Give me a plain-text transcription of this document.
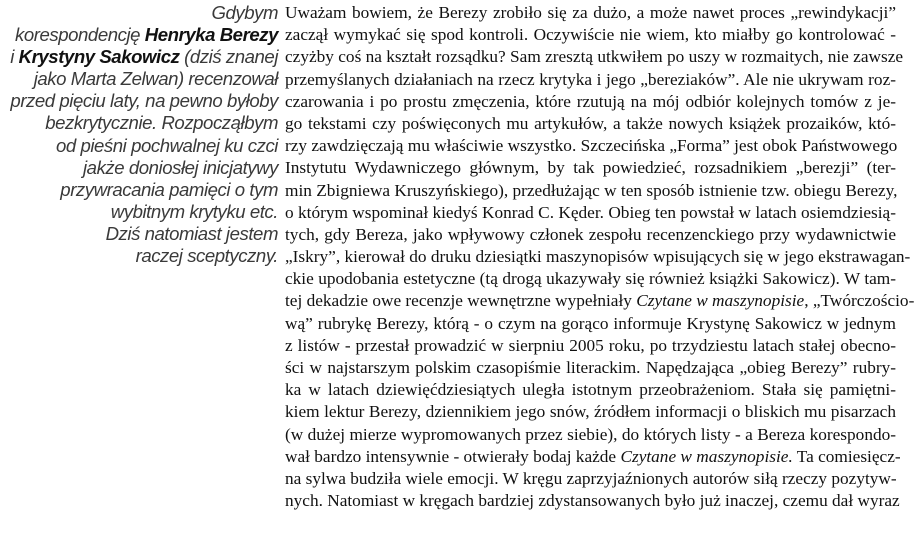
Gdybym
korespondencję Henryka Berezy
i Krystyny Sakowicz (dziś znanej
jako Marta Zelwan) recenzował
przed pięciu laty, na pewno byłoby
bezkrytycznie. Rozpocząłbym
od pieśni pochwalnej ku czci
jakże doniosłej inicjatywy
przywracania pamięci o tym
wybitnym krytyku etc.
Dziś natomiast jestem
raczej sceptyczny.
Uważam bowiem, że Berezy zrobiło się za dużo, a może nawet proces „rewindykacji”
zaczął wymykać się spod kontroli. Oczywiście nie wiem, kto miałby go kontrolować -
czyżby coś na kształt rozsądku? Sam zresztą utkwiłem po uszy w rozmaitych, nie zawsze
przemyślanych działaniach na rzecz krytyka i jego „bereziaków”. Ale nie ukrywam roz-
czarowania i po prostu zmęczenia, które rzutują na mój odbiór kolejnych tomów z je-
go tekstami czy poświęconych mu artykułów, a także nowych książek prozaików, któ-
rzy zawdzięczają mu właściwie wszystko. Szczecińska „Forma” jest obok Państwowego
Instytutu Wydawniczego głównym, by tak powiedzieć, rozsadnikiem „berezji” (ter-
min Zbigniewa Kruszyńskiego), przedłużając w ten sposób istnienie tzw. obiegu Berezy,
o którym wspominał kiedyś Konrad C. Kęder. Obieg ten powstał w latach osiemdziesią-
tych, gdy Bereza, jako wpływowy członek zespołu recenzenckiego przy wydawnictwie
„Iskry”, kierował do druku dziesiątki maszynopisów wpisujących się w jego ekstrawagan-
ckie upodobania estetyczne (tą drogą ukazywały się również książki Sakowicz). W tam-
tej dekadzie owe recenzje wewnętrzne wypełniały Czytane w maszynopisie, „Twórczościo-
wą” rubrykę Berezy, którą - o czym na gorąco informuje Krystynę Sakowicz w jednym
z listów - przestał prowadzić w sierpniu 2005 roku, po trzydziestu latach stałej obecno-
ści w najstarszym polskim czasopiśmie literackim. Napędzająca „obieg Berezy” rubry-
ka w latach dziewięćdziesiątych uległa istotnym przeobrażeniom. Stała się pamiętni-
kiem lektur Berezy, dziennikiem jego snów, źródłem informacji o bliskich mu pisarzach
(w dużej mierze wypromowanych przez siebie), do których listy - a Bereza korespondo-
wał bardzo intensywnie - otwierały bodaj każde Czytane w maszynopisie. Ta comiesięcz-
na sylwa budziła wiele emocji. W kręgu zaprzyjaźnionych autorów siłą rzeczy pozytyw-
nych. Natomiast w kręgach bardziej zdystansowanych było już inaczej, czemu dał wyraz
